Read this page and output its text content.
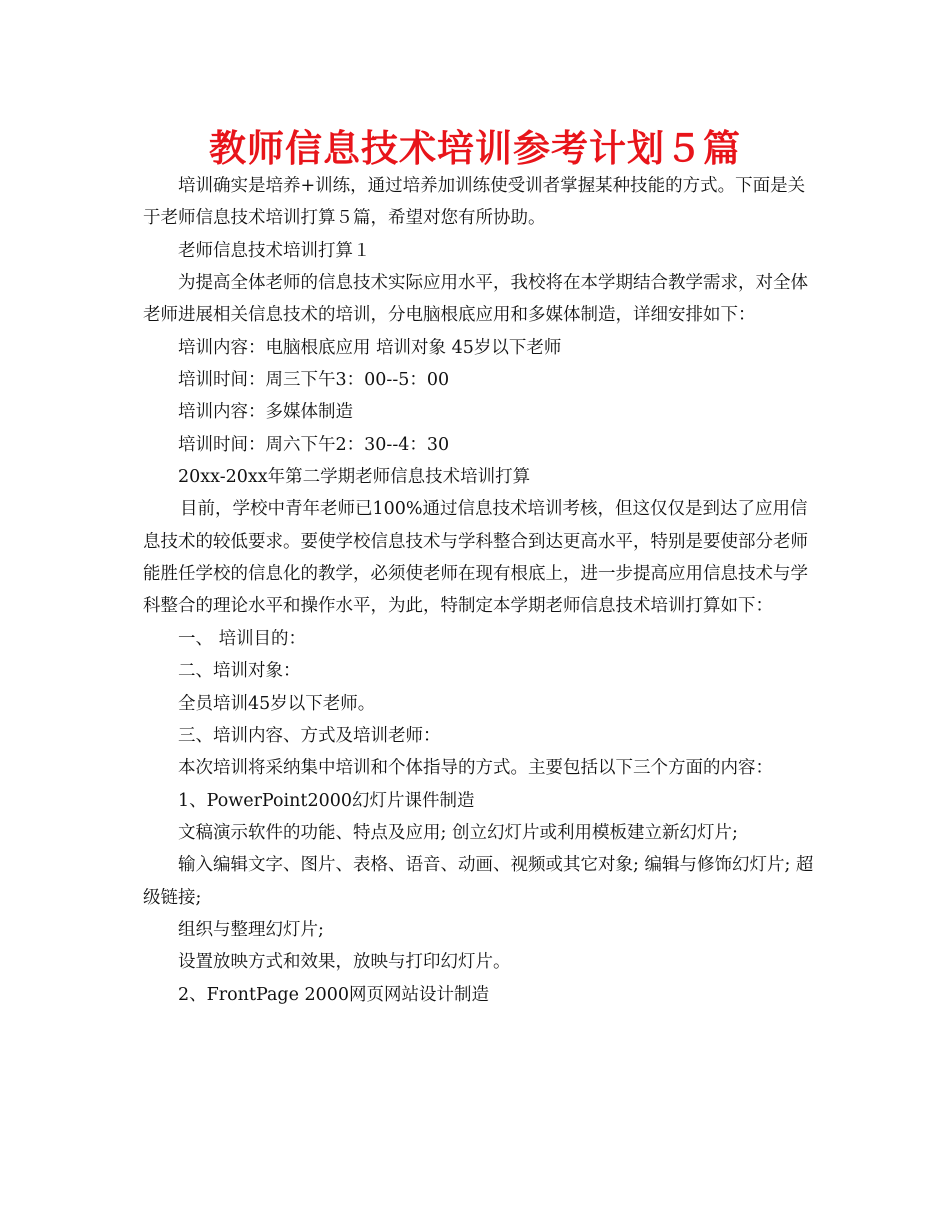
教师信息技术培训参考计划５篇

培训确实是培养+训练，通过培养加训练使受训者掌握某种技能的方式。下面是关于老师信息技术培训打算５篇，希望对您有所协助。

老师信息技术培训打算１

为提高全体老师的信息技术实际应用水平，我校将在本学期结合教学需求，对全体老师进展相关信息技术的培训，分电脑根底应用和多媒体制造，详细安排如下：

培训内容：电脑根底应用 培训对象 45岁以下老师

培训时间：周三下午3：00--5：00

培训内容：多媒体制造

培训时间：周六下午2：30--4：30

20xx-20xx年第二学期老师信息技术培训打算

目前，学校中青年老师已100%通过信息技术培训考核，但这仅仅是到达了应用信息技术的较低要求。要使学校信息技术与学科整合到达更高水平，特别是要使部分老师能胜任学校的信息化的教学，必须使老师在现有根底上，进一步提高应用信息技术与学科整合的理论水平和操作水平，为此，特制定本学期老师信息技术培训打算如下：

一、 培训目的：

二、培训对象：

全员培训45岁以下老师。

三、培训内容、方式及培训老师：

本次培训将采纳集中培训和个体指导的方式。主要包括以下三个方面的内容：

1、PowerPoint2000幻灯片课件制造

文稿演示软件的功能、特点及应用; 创立幻灯片或利用模板建立新幻灯片;

输入编辑文字、图片、表格、语音、动画、视频或其它对象; 编辑与修饰幻灯片; 超级链接;

组织与整理幻灯片;

设置放映方式和效果，放映与打印幻灯片。

2、FrontPage 2000网页网站设计制造
